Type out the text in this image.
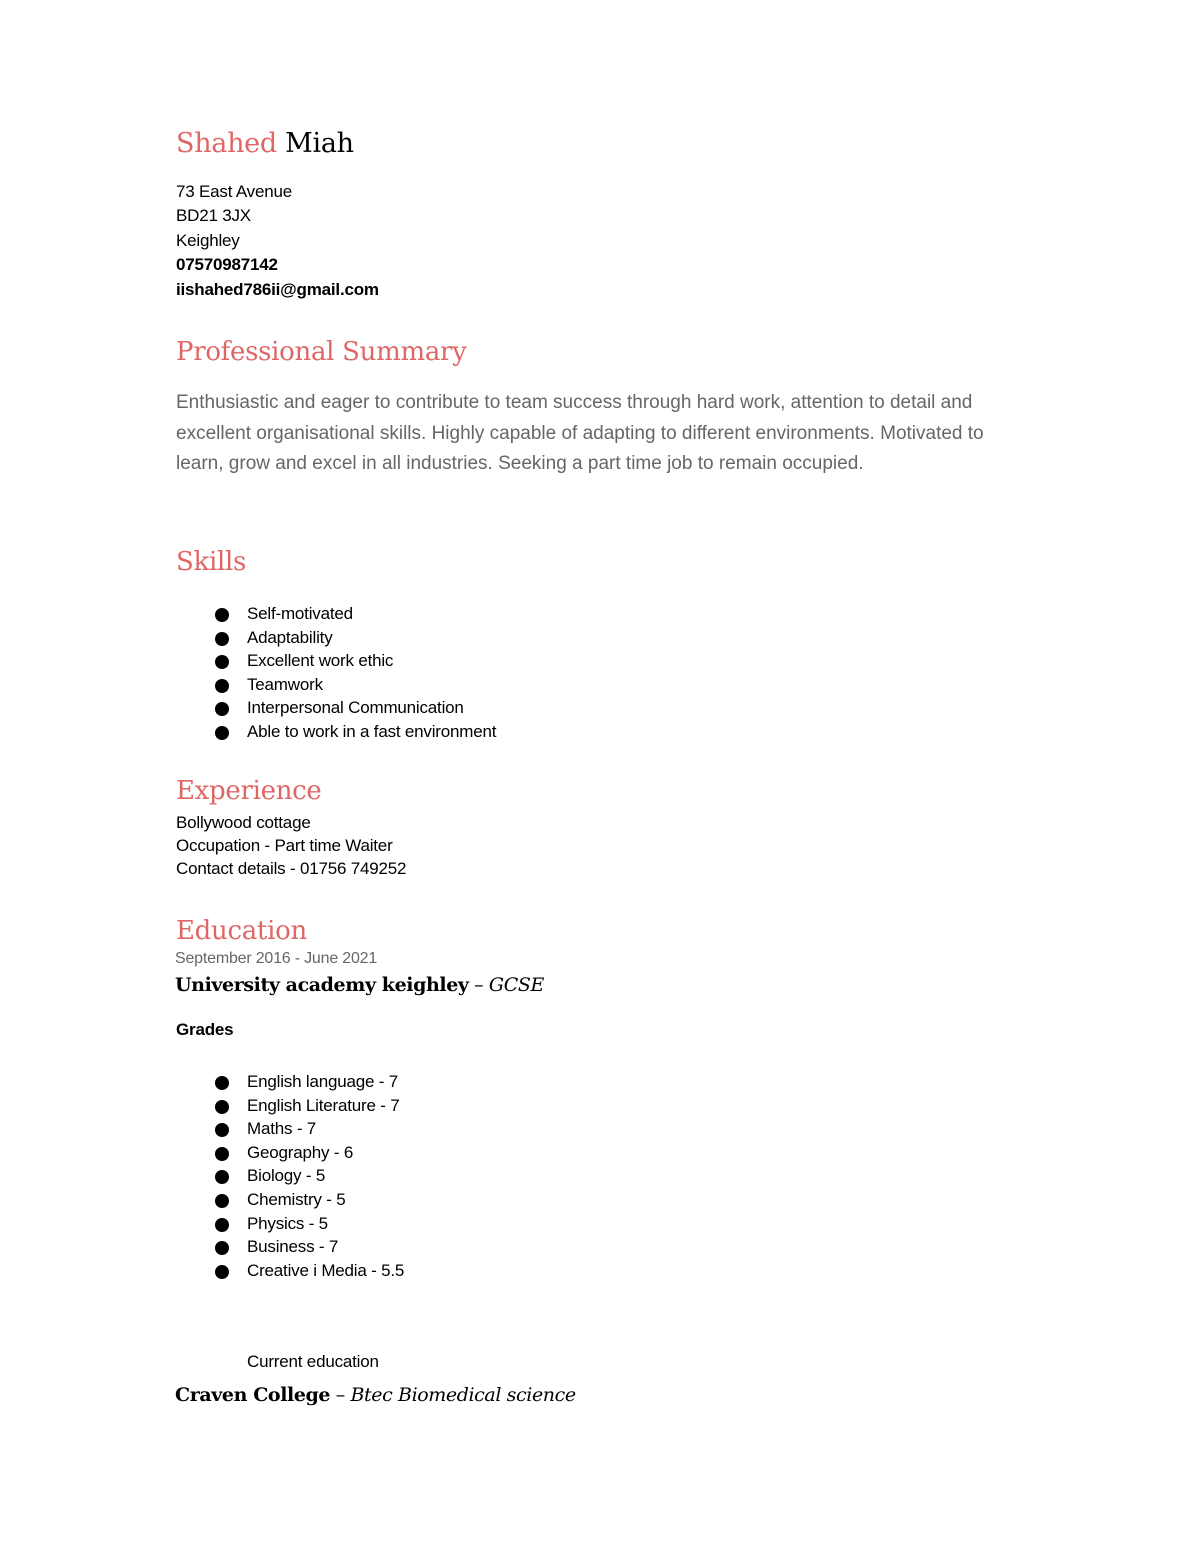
Shahed Miah
73 East Avenue
BD21 3JX
Keighley
07570987142
iishahed786ii@gmail.com
Professional Summary
Enthusiastic and eager to contribute to team success through hard work, attention to detail and excellent organisational skills. Highly capable of adapting to different environments. Motivated to learn, grow and excel in all industries. Seeking a part time job to remain occupied.
Skills
Self-motivated
Adaptability
Excellent work ethic
Teamwork
Interpersonal Communication
Able to work in a fast environment
Experience
Bollywood cottage
Occupation - Part time Waiter
Contact details - 01756 749252
Education
September 2016 - June 2021
University academy keighley – GCSE
Grades
English language - 7
English Literature - 7
Maths - 7
Geography - 6
Biology - 5
Chemistry - 5
Physics - 5
Business - 7
Creative i Media - 5.5
Current education
Craven College – Btec Biomedical science
